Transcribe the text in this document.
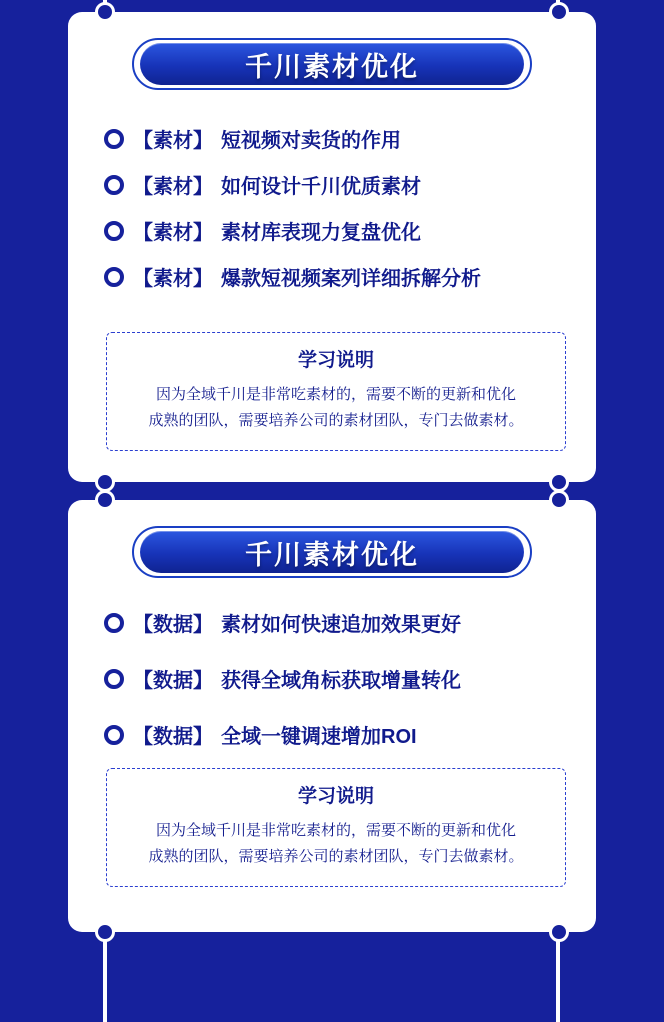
千川素材优化
【素材】 短视频对卖货的作用
【素材】 如何设计千川优质素材
【素材】 素材库表现力复盘优化
【素材】 爆款短视频案列详细拆解分析
学习说明
因为全域千川是非常吃素材的，需要不断的更新和优化
成熟的团队，需要培养公司的素材团队，专门去做素材。
千川素材优化
【数据】 素材如何快速追加效果更好
【数据】 获得全域角标获取增量转化
【数据】 全域一键调速增加ROI
学习说明
因为全域千川是非常吃素材的，需要不断的更新和优化
成熟的团队，需要培养公司的素材团队，专门去做素材。
